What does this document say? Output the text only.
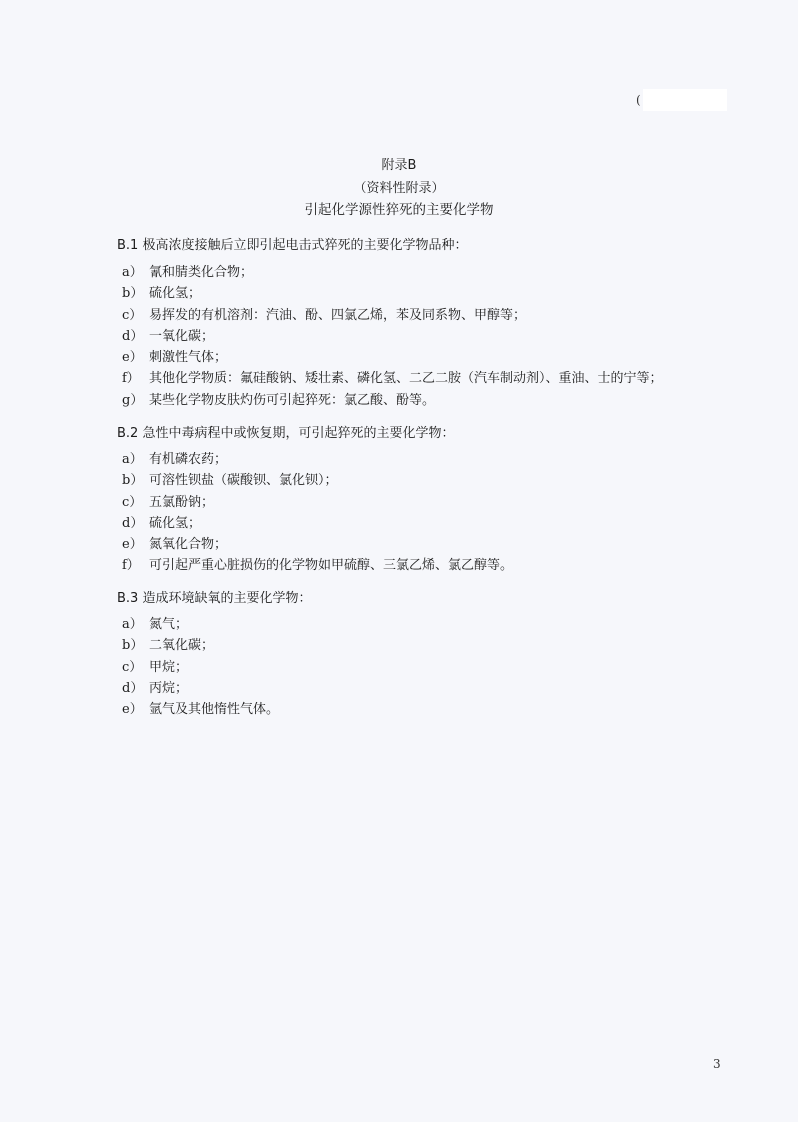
(
附录B
（资料性附录）
引起化学源性猝死的主要化学物
B.1 极高浓度接触后立即引起电击式猝死的主要化学物品种：
a） 氰和腈类化合物；
b） 硫化氢；
c） 易挥发的有机溶剂：汽油、酚、四氯乙烯，苯及同系物、甲醇等；
d） 一氧化碳；
e） 刺激性气体；
f） 其他化学物质：氟硅酸钠、矮壮素、磷化氢、二乙二胺（汽车制动剂）、重油、士的宁等；
g） 某些化学物皮肤灼伤可引起猝死：氯乙酸、酚等。
B.2 急性中毒病程中或恢复期，可引起猝死的主要化学物：
a） 有机磷农药；
b） 可溶性钡盐（碳酸钡、氯化钡）；
c） 五氯酚钠；
d） 硫化氢；
e） 氮氧化合物；
f） 可引起严重心脏损伤的化学物如甲硫醇、三氯乙烯、氯乙醇等。
B.3 造成环境缺氧的主要化学物：
a） 氮气；
b） 二氧化碳；
c） 甲烷；
d） 丙烷；
e） 氩气及其他惰性气体。
3
